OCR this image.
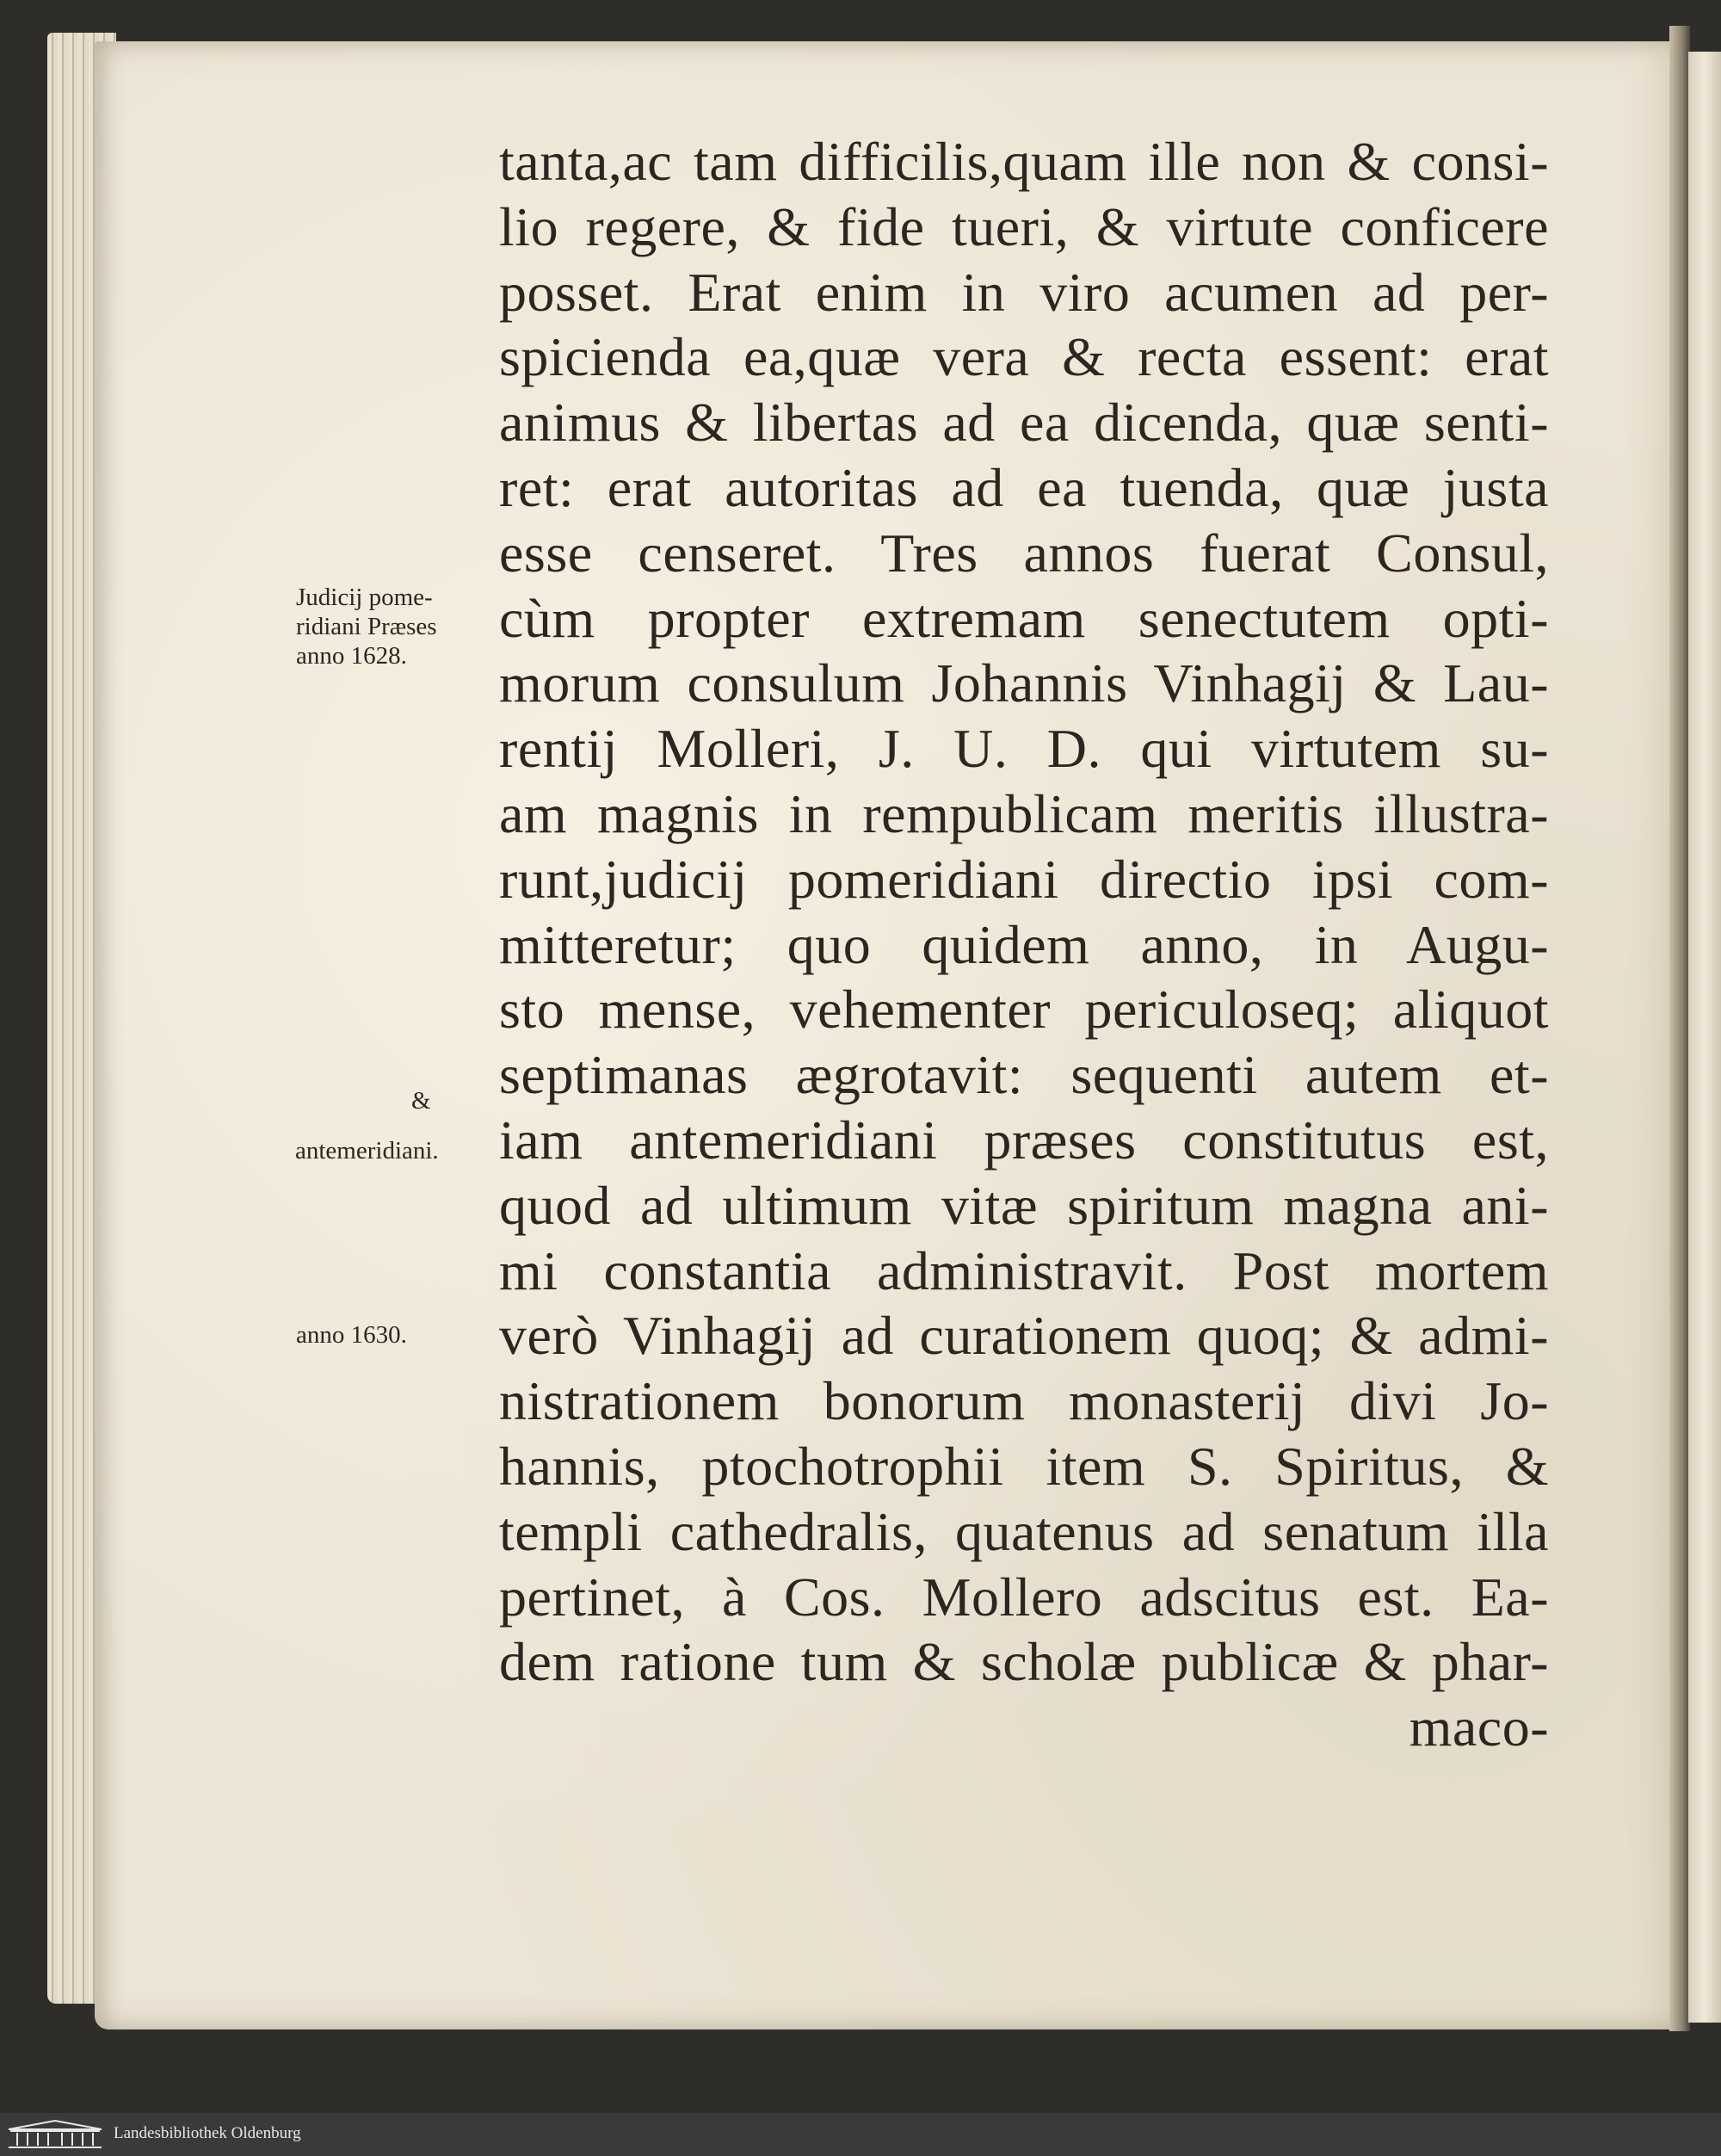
Judicij pome-
ridiani Præses
anno 1628.
&
antemeridiani.
anno 1630.
tanta,ac tam difficilis,quam ille non & consi-
lio regere, & fide tueri, & virtute conficere
posset. Erat enim in viro acumen ad per-
spicienda ea,quæ vera & recta essent: erat
animus & libertas ad ea dicenda, quæ senti-
ret: erat autoritas ad ea tuenda, quæ justa
esse censeret. Tres annos fuerat Consul,
cùm propter extremam senectutem opti-
morum consulum Johannis Vinhagij & Lau-
rentij Molleri, J. U. D. qui virtutem su-
am magnis in rempublicam meritis illustra-
runt,judicij pomeridiani directio ipsi com-
mitteretur; quo quidem anno, in Augu-
sto mense, vehementer periculoseq; aliquot
septimanas ægrotavit: sequenti autem et-
iam antemeridiani præses constitutus est,
quod ad ultimum vitæ spiritum magna ani-
mi constantia administravit. Post mortem
verò Vinhagij ad curationem quoq; & admi-
nistrationem bonorum monasterij divi Jo-
hannis, ptochotrophii item S. Spiritus, &
templi cathedralis, quatenus ad senatum illa
pertinet, à Cos. Mollero adscitus est. Ea-
dem ratione tum & scholæ publicæ & phar-
maco-
Landesbibliothek Oldenburg
